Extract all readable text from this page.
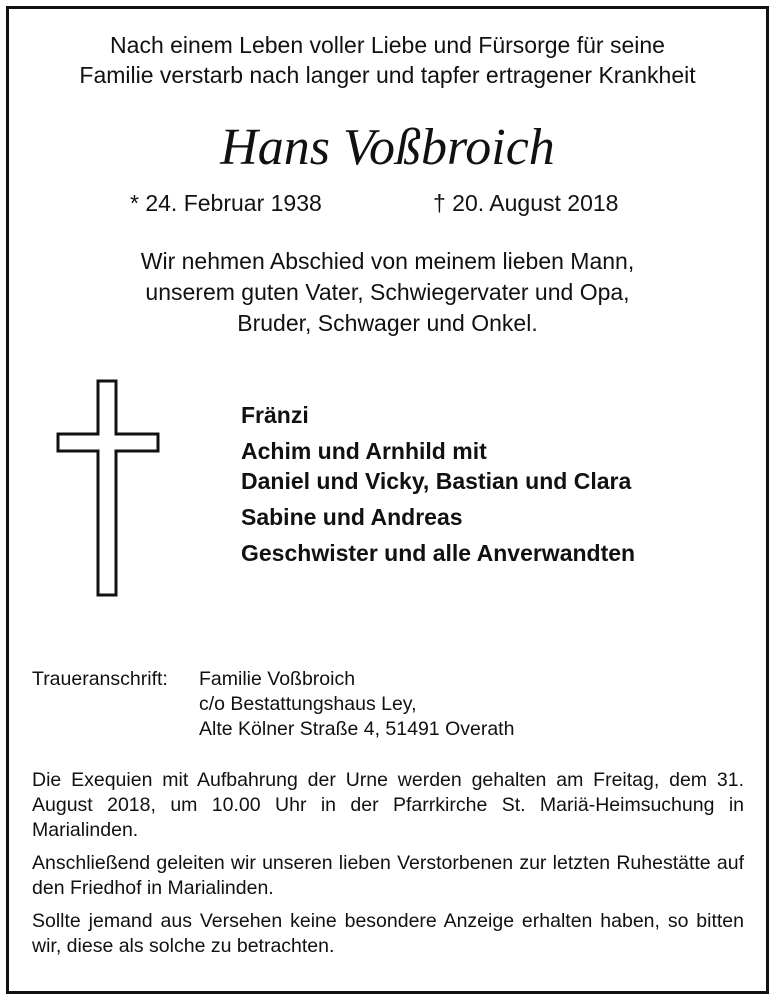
Nach einem Leben voller Liebe und Fürsorge für seine
Familie verstarb nach langer und tapfer ertragener Krankheit
Hans Voßbroich
* 24. Februar 1938	† 20. August 2018
Wir nehmen Abschied von meinem lieben Mann,
unserem guten Vater, Schwiegervater und Opa,
Bruder, Schwager und Onkel.
Fränzi
Achim und Arnhild mit
Daniel und Vicky, Bastian und Clara
Sabine und Andreas
Geschwister und alle Anverwandten
Traueranschrift: Familie Voßbroich
c/o Bestattungshaus Ley,
Alte Kölner Straße 4, 51491 Overath

Die Exequien mit Aufbahrung der Urne werden gehalten am Freitag, dem 31. August 2018, um 10.00 Uhr in der Pfarrkirche St. Mariä-Heimsuchung in Marialinden.

Anschließend geleiten wir unseren lieben Verstorbenen zur letzten Ruhestätte auf den Friedhof in Marialinden.

Sollte jemand aus Versehen keine besondere Anzeige erhalten haben, so bitten wir, diese als solche zu betrachten.
